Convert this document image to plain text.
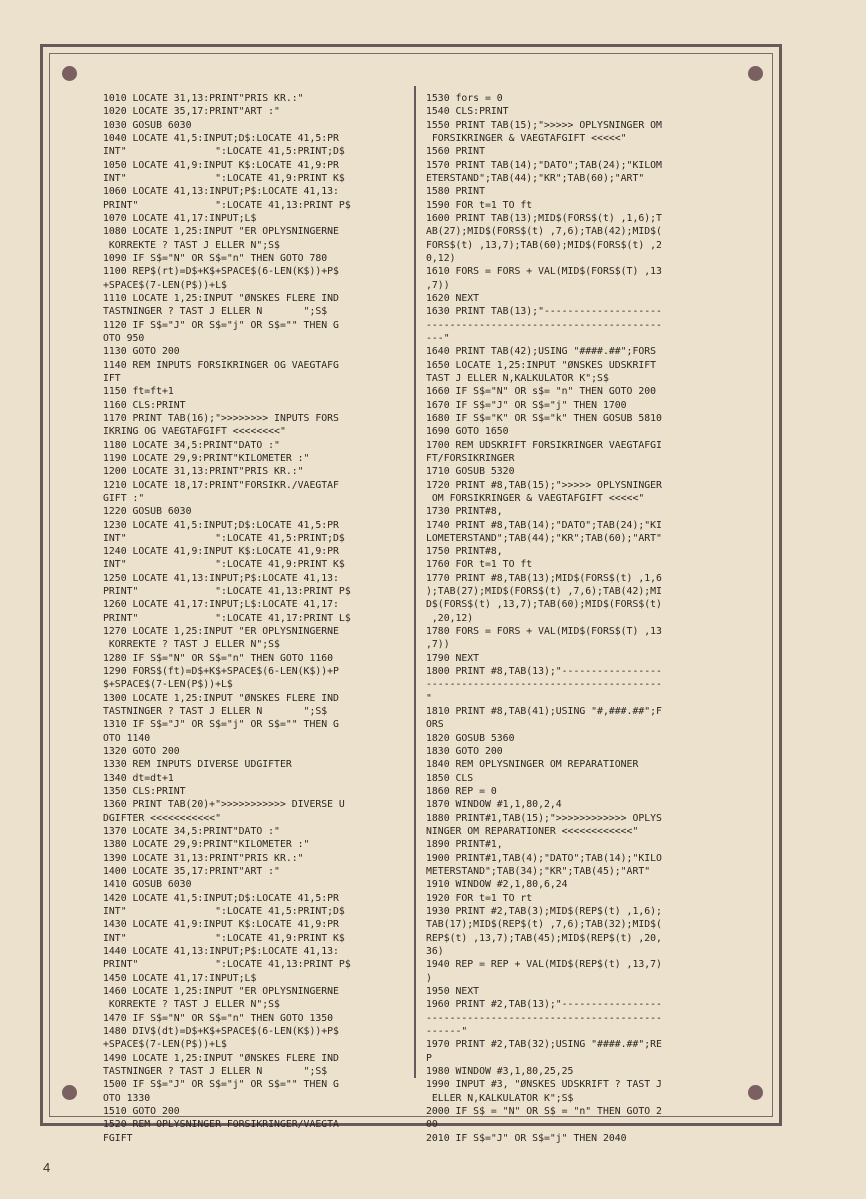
1010 LOCATE 31,13:PRINT"PRIS KR.:"
1020 LOCATE 35,17:PRINT"ART :"
1030 GOSUB 6030
1040 LOCATE 41,5:INPUT;D$:LOCATE 41,5:PR
INT"               ":LOCATE 41,5:PRINT;D$
1050 LOCATE 41,9:INPUT K$:LOCATE 41,9:PR
INT"               ":LOCATE 41,9:PRINT K$
1060 LOCATE 41,13:INPUT;P$:LOCATE 41,13:
PRINT"             ":LOCATE 41,13:PRINT P$
1070 LOCATE 41,17:INPUT;L$
1080 LOCATE 1,25:INPUT "ER OPLYSNINGERNE
KORREKTE ? TAST J ELLER N";S$
1090 IF S$="N" OR S$="n" THEN GOTO 780
1100 REP$(rt)=D$+K$+SPACE$(6-LEN(K$))+P$
+SPACE$(7-LEN(P$))+L$
1110 LOCATE 1,25:INPUT "ØNSKES FLERE IND
TASTNINGER ? TAST J ELLER N       ";S$
1120 IF S$="J" OR S$="j" OR S$="" THEN G
OTO 950
1130 GOTO 200
1140 REM INPUTS FORSIKRINGER OG VAEGTAFG
IFT
1150 ft=ft+1
1160 CLS:PRINT
1170 PRINT TAB(16);">>>>>>>> INPUTS FORS
IKRING OG VAEGTAFGIFT <<<<<<<<"
1180 LOCATE 34,5:PRINT"DATO :"
1190 LOCATE 29,9:PRINT"KILOMETER :"
1200 LOCATE 31,13:PRINT"PRIS KR.:"
1210 LOCATE 18,17:PRINT"FORSIKR./VAEGTAF
GIFT :"
1220 GOSUB 6030
1230 LOCATE 41,5:INPUT;D$:LOCATE 41,5:PR
INT"               ":LOCATE 41,5:PRINT;D$
1240 LOCATE 41,9:INPUT K$:LOCATE 41,9:PR
INT"               ":LOCATE 41,9:PRINT K$
1250 LOCATE 41,13:INPUT;P$:LOCATE 41,13:
PRINT"             ":LOCATE 41,13:PRINT P$
1260 LOCATE 41,17:INPUT;L$:LOCATE 41,17:
PRINT"             ":LOCATE 41,17:PRINT L$
1270 LOCATE 1,25:INPUT "ER OPLYSNINGERNE
KORREKTE ? TAST J ELLER N";S$
1280 IF S$="N" OR S$="n" THEN GOTO 1160
1290 FORS$(ft)=D$+K$+SPACE$(6-LEN(K$))+P
$+SPACE$(7-LEN(P$))+L$
1300 LOCATE 1,25:INPUT "ØNSKES FLERE IND
TASTNINGER ? TAST J ELLER N       ";S$
1310 IF S$="J" OR S$="j" OR S$="" THEN G
OTO 1140
1320 GOTO 200
1330 REM INPUTS DIVERSE UDGIFTER
1340 dt=dt+1
1350 CLS:PRINT
1360 PRINT TAB(20)+">>>>>>>>>>> DIVERSE U
DGIFTER <<<<<<<<<<<"
1370 LOCATE 34,5:PRINT"DATO :"
1380 LOCATE 29,9:PRINT"KILOMETER :"
1390 LOCATE 31,13:PRINT"PRIS KR.:"
1400 LOCATE 35,17:PRINT"ART :"
1410 GOSUB 6030
1420 LOCATE 41,5:INPUT;D$:LOCATE 41,5:PR
INT"               ":LOCATE 41,5:PRINT;D$
1430 LOCATE 41,9:INPUT K$:LOCATE 41,9:PR
INT"               ":LOCATE 41,9:PRINT K$
1440 LOCATE 41,13:INPUT;P$:LOCATE 41,13:
PRINT"             ":LOCATE 41,13:PRINT P$
1450 LOCATE 41,17:INPUT;L$
1460 LOCATE 1,25:INPUT "ER OPLYSNINGERNE
KORREKTE ? TAST J ELLER N";S$
1470 IF S$="N" OR S$="n" THEN GOTO 1350
1480 DIV$(dt)=D$+K$+SPACE$(6-LEN(K$))+P$
+SPACE$(7-LEN(P$))+L$
1490 LOCATE 1,25:INPUT "ØNSKES FLERE IND
TASTNINGER ? TAST J ELLER N       ";S$
1500 IF S$="J" OR S$="j" OR S$="" THEN G
OTO 1330
1510 GOTO 200
1520 REM OPLYSNINGER FORSIKRINGER/VAEGTA
FGIFT
1530 fors = 0
1540 CLS:PRINT
1550 PRINT TAB(15);">>>>> OPLYSNINGER OM
FORSIKRINGER & VAEGTAFGIFT <<<<<"
1560 PRINT
1570 PRINT TAB(14);"DATO";TAB(24);"KILOM
ETERSTAND";TAB(44);"KR";TAB(60);"ART"
1580 PRINT
1590 FOR t=1 TO ft
1600 PRINT TAB(13);MID$(FORS$(t) ,1,6);T
AB(27);MID$(FORS$(t) ,7,6);TAB(42);MID$(
FORS$(t) ,13,7);TAB(60);MID$(FORS$(t) ,2
0,12)
1610 FORS = FORS + VAL(MID$(FORS$(T) ,13
,7))
1620 NEXT
1630 PRINT TAB(13);"--------------------
----------------------------------------
---"
1640 PRINT TAB(42);USING "####.##";FORS
1650 LOCATE 1,25:INPUT "ØNSKES UDSKRIFT
TAST J ELLER N,KALKULATOR K";S$
1660 IF S$="N" OR s$= "n" THEN GOTO 200
1670 IF S$="J" OR S$="j" THEN 1700
1680 IF S$="K" OR S$="k" THEN GOSUB 5810
1690 GOTO 1650
1700 REM UDSKRIFT FORSIKRINGER VAEGTAFGI
FT/FORSIKRINGER
1710 GOSUB 5320
1720 PRINT #8,TAB(15);">>>>> OPLYSNINGER
OM FORSIKRINGER & VAEGTAFGIFT <<<<<"
1730 PRINT#8,
1740 PRINT #8,TAB(14);"DATO";TAB(24);"KI
LOMETERSTAND";TAB(44);"KR";TAB(60);"ART"
1750 PRINT#8,
1760 FOR t=1 TO ft
1770 PRINT #8,TAB(13);MID$(FORS$(t) ,1,6
);TAB(27);MID$(FORS$(t) ,7,6);TAB(42);MI
D$(FORS$(t) ,13,7);TAB(60);MID$(FORS$(t)
,20,12)
1780 FORS = FORS + VAL(MID$(FORS$(T) ,13
,7))
1790 NEXT
1800 PRINT #8,TAB(13);"-----------------
----------------------------------------
"
1810 PRINT #8,TAB(41);USING "#,###.##";F
ORS
1820 GOSUB 5360
1830 GOTO 200
1840 REM OPLYSNINGER OM REPARATIONER
1850 CLS
1860 REP = 0
1870 WINDOW #1,1,80,2,4
1880 PRINT#1,TAB(15);">>>>>>>>>>>> OPLYS
NINGER OM REPARATIONER <<<<<<<<<<<<"
1890 PRINT#1,
1900 PRINT#1,TAB(4);"DATO";TAB(14);"KILO
METERSTAND";TAB(34);"KR";TAB(45);"ART"
1910 WINDOW #2,1,80,6,24
1920 FOR t=1 TO rt
1930 PRINT #2,TAB(3);MID$(REP$(t) ,1,6);
TAB(17);MID$(REP$(t) ,7,6);TAB(32);MID$(
REP$(t) ,13,7);TAB(45);MID$(REP$(t) ,20,
36)
1940 REP = REP + VAL(MID$(REP$(t) ,13,7)
)
1950 NEXT
1960 PRINT #2,TAB(13);"-----------------
----------------------------------------
------"
1970 PRINT #2,TAB(32);USING "####.##";RE
P
1980 WINDOW #3,1,80,25,25
1990 INPUT #3, "ØNSKES UDSKRIFT ? TAST J
ELLER N,KALKULATOR K";S$
2000 IF S$ = "N" OR S$ = "n" THEN GOTO 2
00
2010 IF S$="J" OR S$="j" THEN 2040
4
